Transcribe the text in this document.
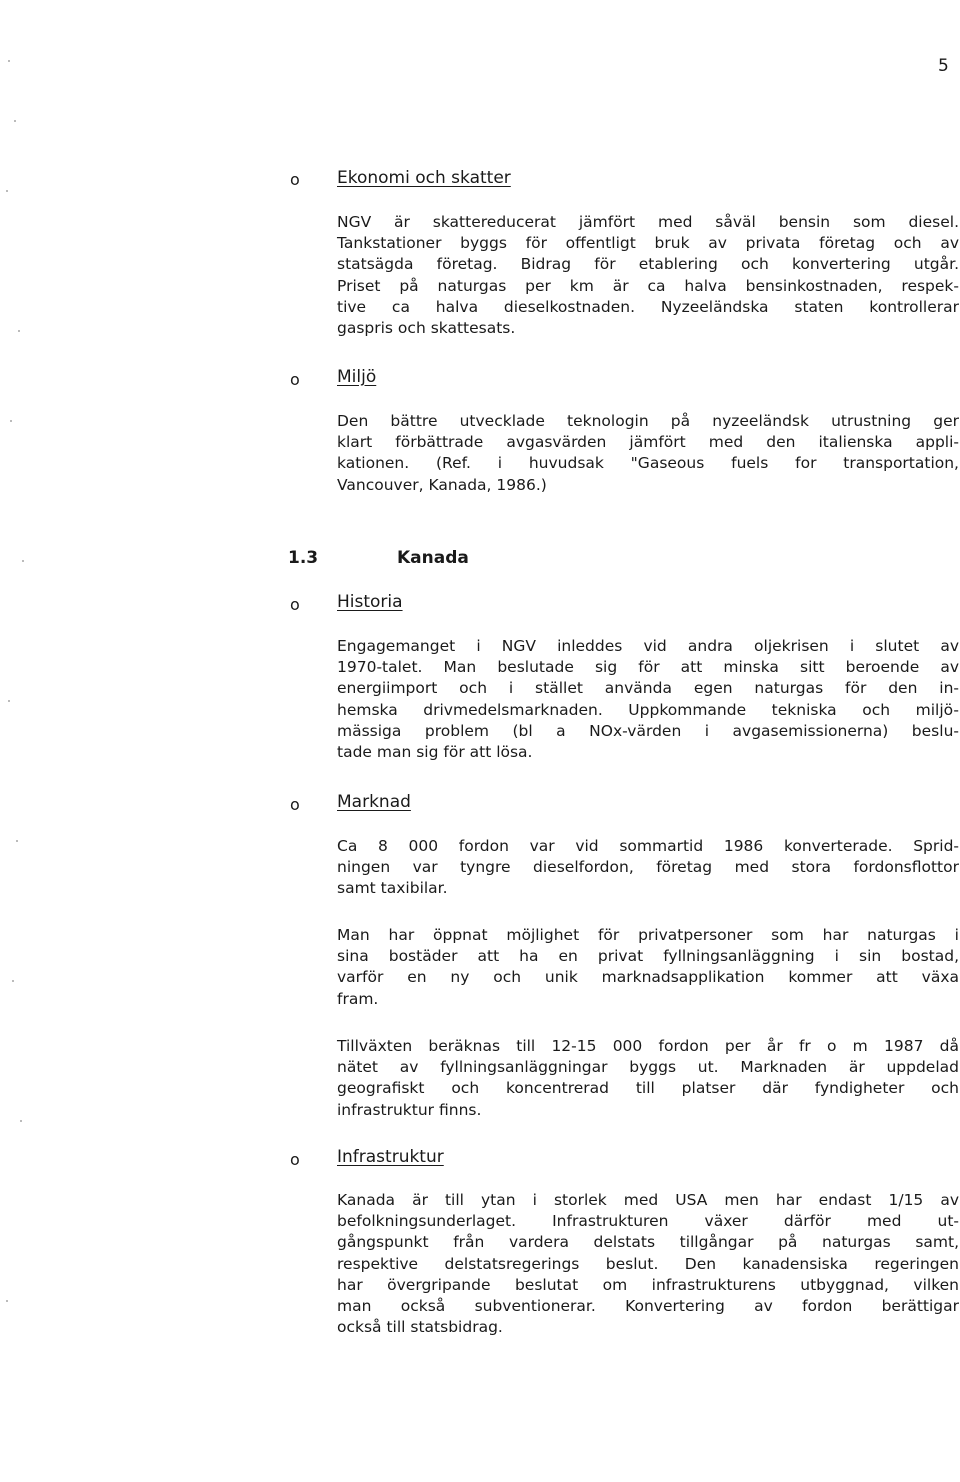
5
o Ekonomi och skatter
NGV är skattereducerat jämfört med såväl bensin som diesel.
Tankstationer byggs för offentligt bruk av privata företag och av
statsägda företag. Bidrag för etablering och konvertering utgår.
Priset på naturgas per km är ca halva bensinkostnaden, respek-
tive ca halva dieselkostnaden. Nyzeeländska staten kontrollerar
gaspris och skattesats.
o Miljö
Den bättre utvecklade teknologin på nyzeeländsk utrustning ger
klart förbättrade avgasvärden jämfört med den italienska appli-
kationen. (Ref. i huvudsak "Gaseous fuels for transportation,
Vancouver, Kanada, 1986.)
1.3	Kanada
o Historia
Engagemanget i NGV inleddes vid andra oljekrisen i slutet av
1970-talet. Man beslutade sig för att minska sitt beroende av
energiimport och i stället använda egen naturgas för den in-
hemska drivmedelsmarknaden. Uppkommande tekniska och miljö-
mässiga problem (bl a NOx-värden i avgasemissionerna) beslu-
tade man sig för att lösa.
o Marknad
Ca 8 000 fordon var vid sommartid 1986 konverterade. Sprid-
ningen var tyngre dieselfordon, företag med stora fordonsflottor
samt taxibilar.
Man har öppnat möjlighet för privatpersoner som har naturgas i
sina bostäder att ha en privat fyllningsanläggning i sin bostad,
varför en ny och unik marknadsapplikation kommer att växa
fram.
Tillväxten beräknas till 12-15 000 fordon per år fr o m 1987 då
nätet av fyllningsanläggningar byggs ut. Marknaden är uppdelad
geografiskt och koncentrerad till platser där fyndigheter och
infrastruktur finns.
o Infrastruktur
Kanada är till ytan i storlek med USA men har endast 1/15 av
befolkningsunderlaget. Infrastrukturen växer därför med ut-
gångspunkt från vardera delstats tillgångar på naturgas samt,
respektive delstatsregerings beslut. Den kanadensiska regeringen
har övergripande beslutat om infrastrukturens utbyggnad, vilken
man också subventionerar. Konvertering av fordon berättigar
också till statsbidrag.
